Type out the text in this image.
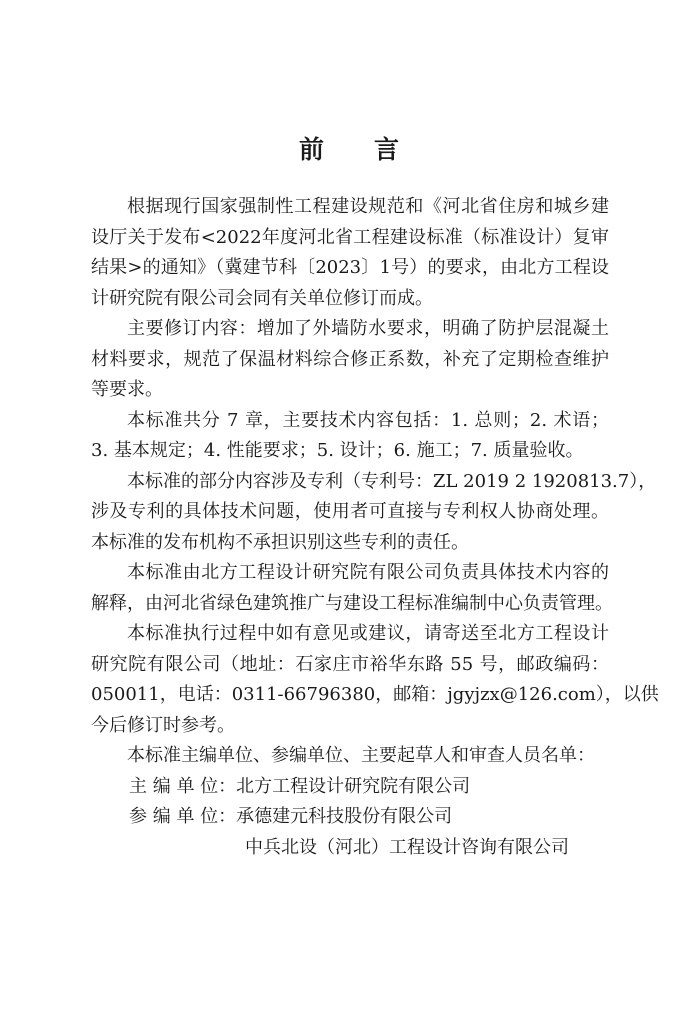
前 言
根据现行国家强制性工程建设规范和《河北省住房和城乡建
设厅关于发布<2022年度河北省工程建设标准（标准设计）复审
结果>的通知》（冀建节科〔2023〕1号）的要求，由北方工程设
计研究院有限公司会同有关单位修订而成。
主要修订内容：增加了外墙防水要求，明确了防护层混凝土
材料要求，规范了保温材料综合修正系数，补充了定期检查维护
等要求。
本标准共分 7 章，主要技术内容包括：1. 总则；2. 术语；
3. 基本规定；4. 性能要求；5. 设计；6. 施工；7. 质量验收。
本标准的部分内容涉及专利（专利号：ZL 2019 2 1920813.7），
涉及专利的具体技术问题，使用者可直接与专利权人协商处理。
本标准的发布机构不承担识别这些专利的责任。
本标准由北方工程设计研究院有限公司负责具体技术内容的
解释，由河北省绿色建筑推广与建设工程标准编制中心负责管理。
本标准执行过程中如有意见或建议，请寄送至北方工程设计
研究院有限公司（地址：石家庄市裕华东路 55 号，邮政编码：
050011，电话：0311-66796380，邮箱：jgyjzx@126.com），以供
今后修订时参考。
本标准主编单位、参编单位、主要起草人和审查人员名单：
主 编 单 位：北方工程设计研究院有限公司
参 编 单 位：承德建元科技股份有限公司
中兵北设（河北）工程设计咨询有限公司
